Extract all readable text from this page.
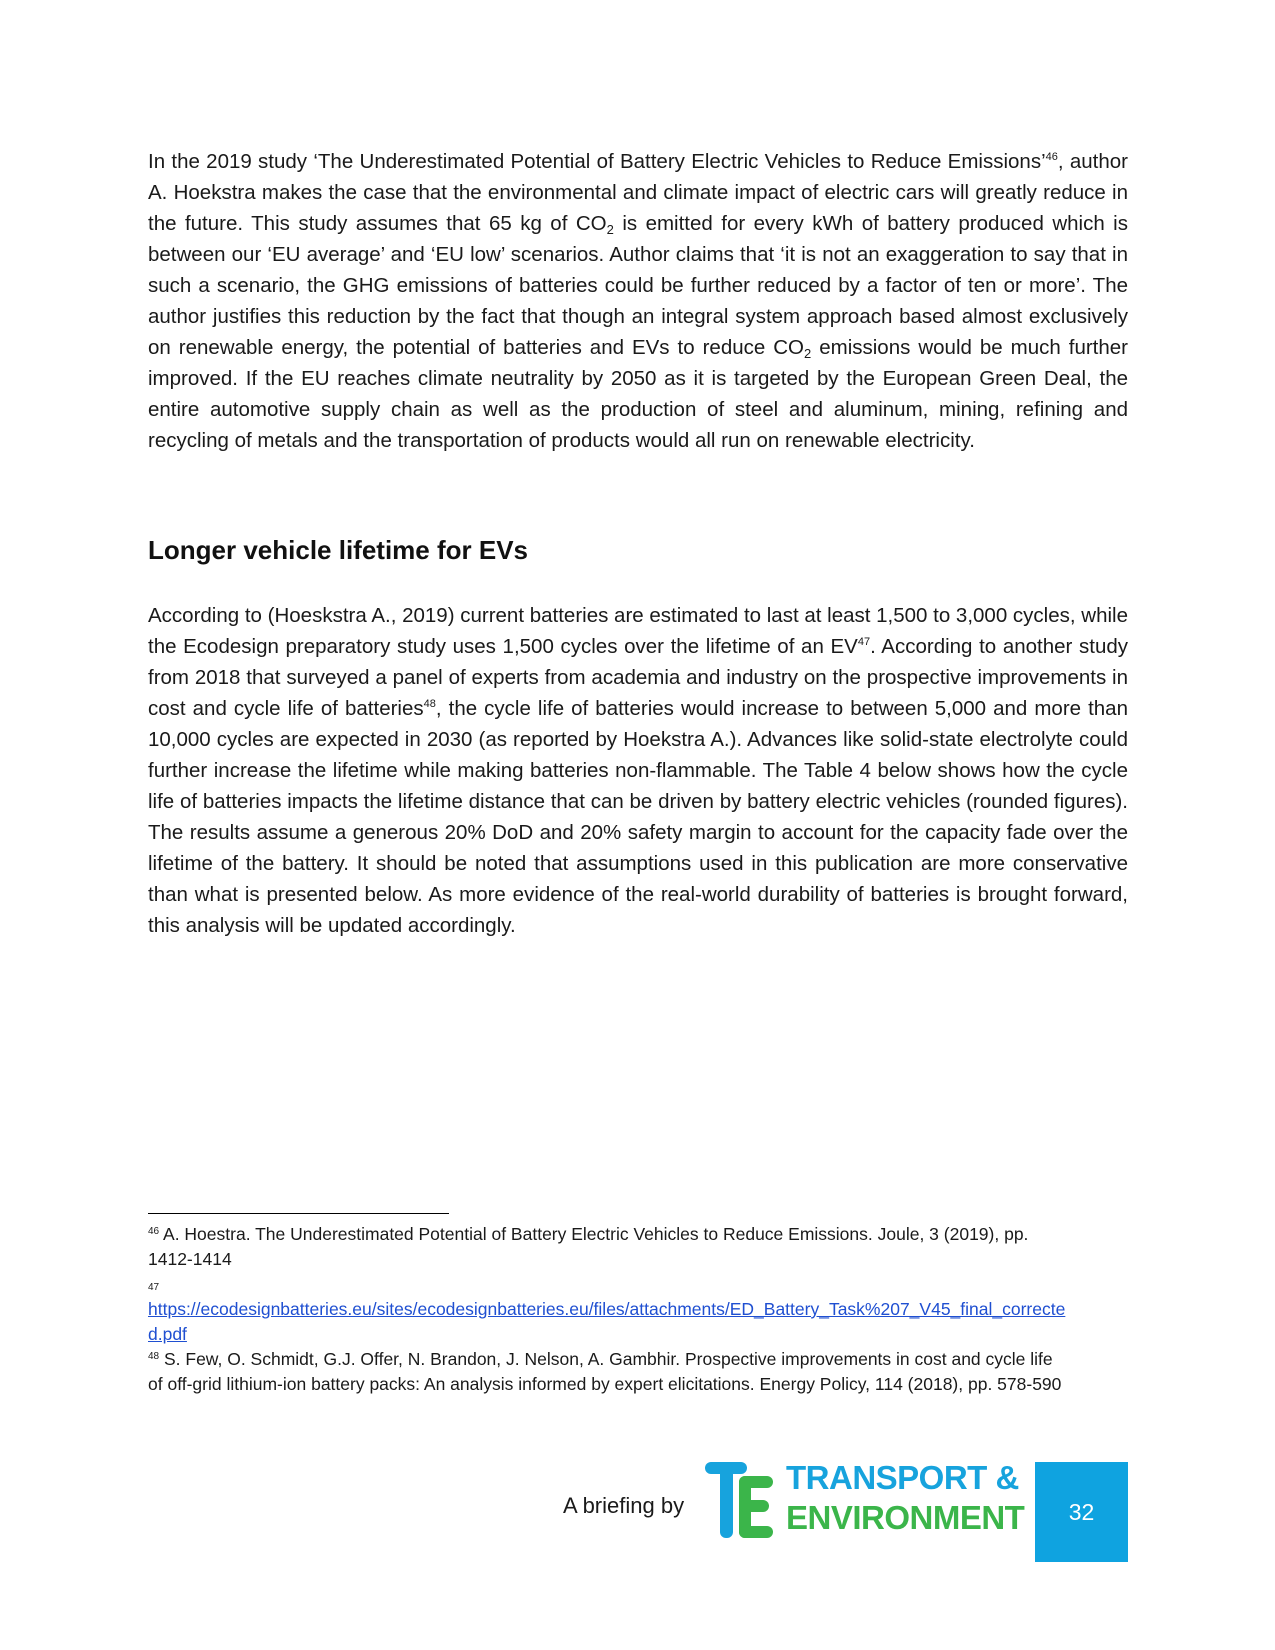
In the 2019 study ‘The Underestimated Potential of Battery Electric Vehicles to Reduce Emissions’$^{46}$, author A. Hoekstra makes the case that the environmental and climate impact of electric cars will greatly reduce in the future. This study assumes that 65 kg of $CO_2$ is emitted for every kWh of battery produced which is between our ‘EU average’ and ‘EU low’ scenarios. Author claims that ‘it is not an exaggeration to say that in such a scenario, the GHG emissions of batteries could be further reduced by a factor of ten or more’. The author justifies this reduction by the fact that though an integral system approach based almost exclusively on renewable energy, the potential of batteries and EVs to reduce $CO_2$ emissions would be much further improved. If the EU reaches climate neutrality by 2050 as it is targeted by the European Green Deal, the entire automotive supply chain as well as the production of steel and aluminum, mining, refining and recycling of metals and the transportation of products would all run on renewable electricity.

Longer vehicle lifetime for EVs

According to (Hoeskstra A., 2019) current batteries are estimated to last at least 1,500 to 3,000 cycles, while the Ecodesign preparatory study uses 1,500 cycles over the lifetime of an EV$^{47}$. According to another study from 2018 that surveyed a panel of experts from academia and industry on the prospective improvements in cost and cycle life of batteries$^{48}$, the cycle life of batteries would increase to between 5,000 and more than 10,000 cycles are expected in 2030 (as reported by Hoekstra A.). Advances like solid-state electrolyte could further increase the lifetime while making batteries non-flammable. The Table 4 below shows how the cycle life of batteries impacts the lifetime distance that can be driven by battery electric vehicles (rounded figures). The results assume a generous 20% DoD and 20% safety margin to account for the capacity fade over the lifetime of the battery. It should be noted that assumptions used in this publication are more conservative than what is presented below. As more evidence of the real-world durability of batteries is brought forward, this analysis will be updated accordingly.

$^{46}$ A. Hoestra. The Underestimated Potential of Battery Electric Vehicles to Reduce Emissions. Joule, 3 (2019), pp. 1412-1414

47
https://ecodesignbatteries.eu/sites/ecodesignbatteries.eu/files/attachments/ED_Battery_Task%207_V45_final_corrected.pdf

$^{48}$ S. Few, O. Schmidt, G.J. Offer, N. Brandon, J. Nelson, A. Gambhir. Prospective improvements in cost and cycle life of off-grid lithium-ion battery packs: An analysis informed by expert elicitations. Energy Policy, 114 (2018), pp. 578-590

A briefing by
TRANSPORT &
ENVIRONMENT	32
